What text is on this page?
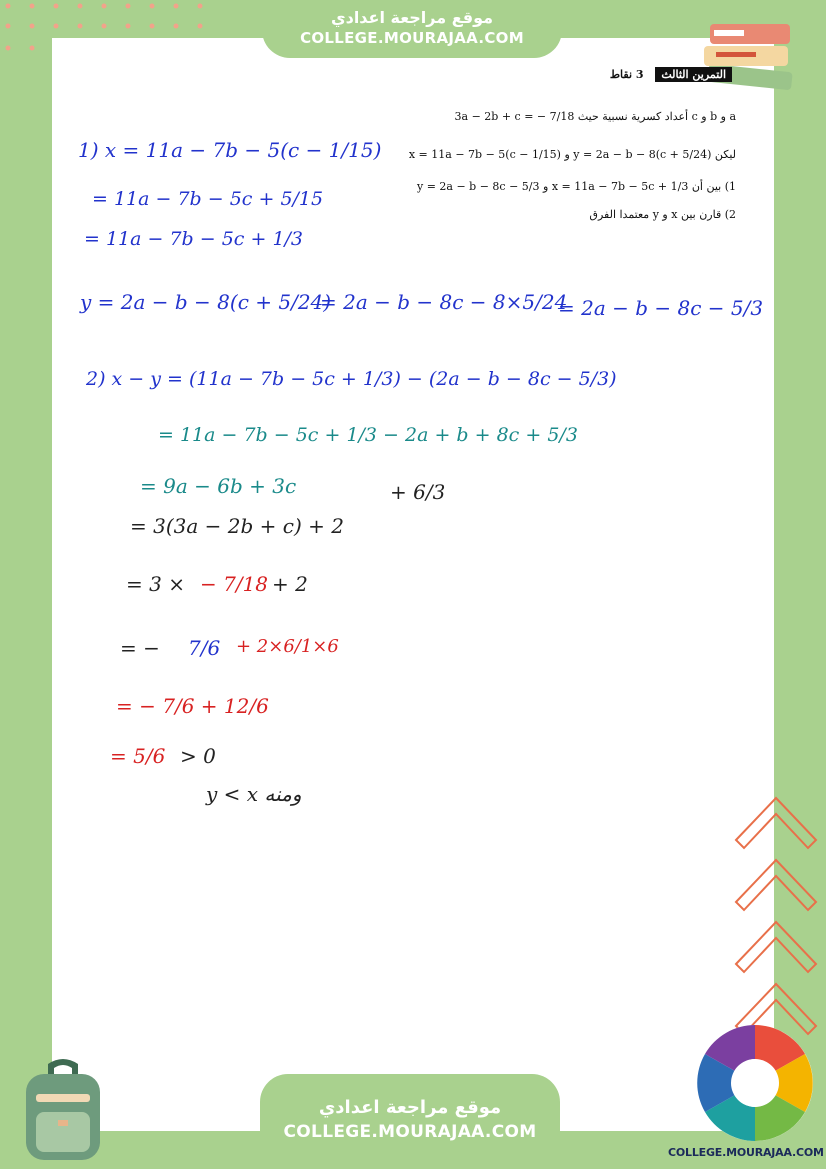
موقع مراجعة اعدادي
COLLEGE.MOURAJAA.COM
التمرين الثالث 3 نقاط
a و b و c أعداد كسرية نسبية حيث 3a − 2b + c = − 7/18
ليكن y = 2a − b − 8(c + 5/24) و x = 11a − 7b − 5(c − 1/15)
1) بين أن x = 11a − 7b − 5c + 1/3 و y = 2a − b − 8c − 5/3
2) قارن بين x و y معتمدا الفرق
1) x = 11a − 7b − 5(c − 1/15)
= 11a − 7b − 5c + 5/15
= 11a − 7b − 5c + 1/3
y = 2a − b − 8(c + 5/24)
= 2a − b − 8c − 8×5/24
= 2a − b − 8c − 5/3
2) x − y = (11a − 7b − 5c + 1/3) − (2a − b − 8c − 5/3)
= 11a − 7b − 5c + 1/3 − 2a + b + 8c + 5/3
= 9a − 6b + 3c	+ 6/3
= 3(3a − 2b + c) + 2
= 3 × − 7/18 + 2
= − 7/6 + 2×6/1×6
= − 7/6 + 12/6
= 5/6 > 0
y < x ومنه
موقع مراجعة اعدادي
COLLEGE.MOURAJAA.COM
COLLEGE.MOURAJAA.COM
